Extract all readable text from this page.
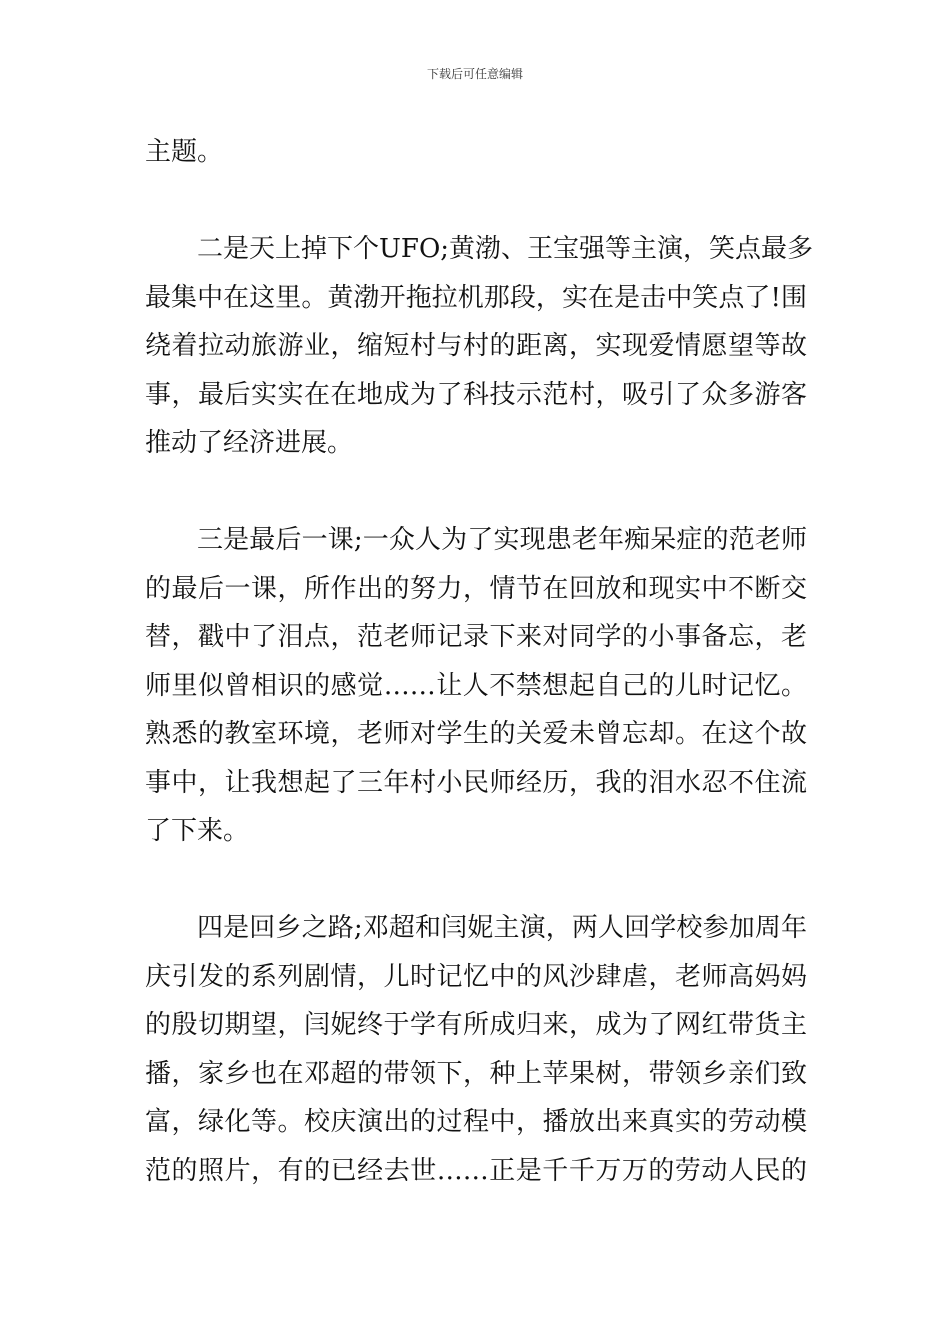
下载后可任意编辑
主题。
二是天上掉下个UFO;黄渤、王宝强等主演，笑点最多
最集中在这里。黄渤开拖拉机那段，实在是击中笑点了!围
绕着拉动旅游业，缩短村与村的距离，实现爱情愿望等故
事，最后实实在在地成为了科技示范村，吸引了众多游客
推动了经济进展。
三是最后一课;一众人为了实现患老年痴呆症的范老师
的最后一课，所作出的努力，情节在回放和现实中不断交
替，戳中了泪点，范老师记录下来对同学的小事备忘，老
师里似曾相识的感觉……让人不禁想起自己的儿时记忆。
熟悉的教室环境，老师对学生的关爱未曾忘却。在这个故
事中，让我想起了三年村小民师经历，我的泪水忍不住流
了下来。
四是回乡之路;邓超和闫妮主演，两人回学校参加周年
庆引发的系列剧情，儿时记忆中的风沙肆虐，老师高妈妈
的殷切期望，闫妮终于学有所成归来，成为了网红带货主
播，家乡也在邓超的带领下，种上苹果树，带领乡亲们致
富，绿化等。校庆演出的过程中，播放出来真实的劳动模
范的照片，有的已经去世……正是千千万万的劳动人民的
